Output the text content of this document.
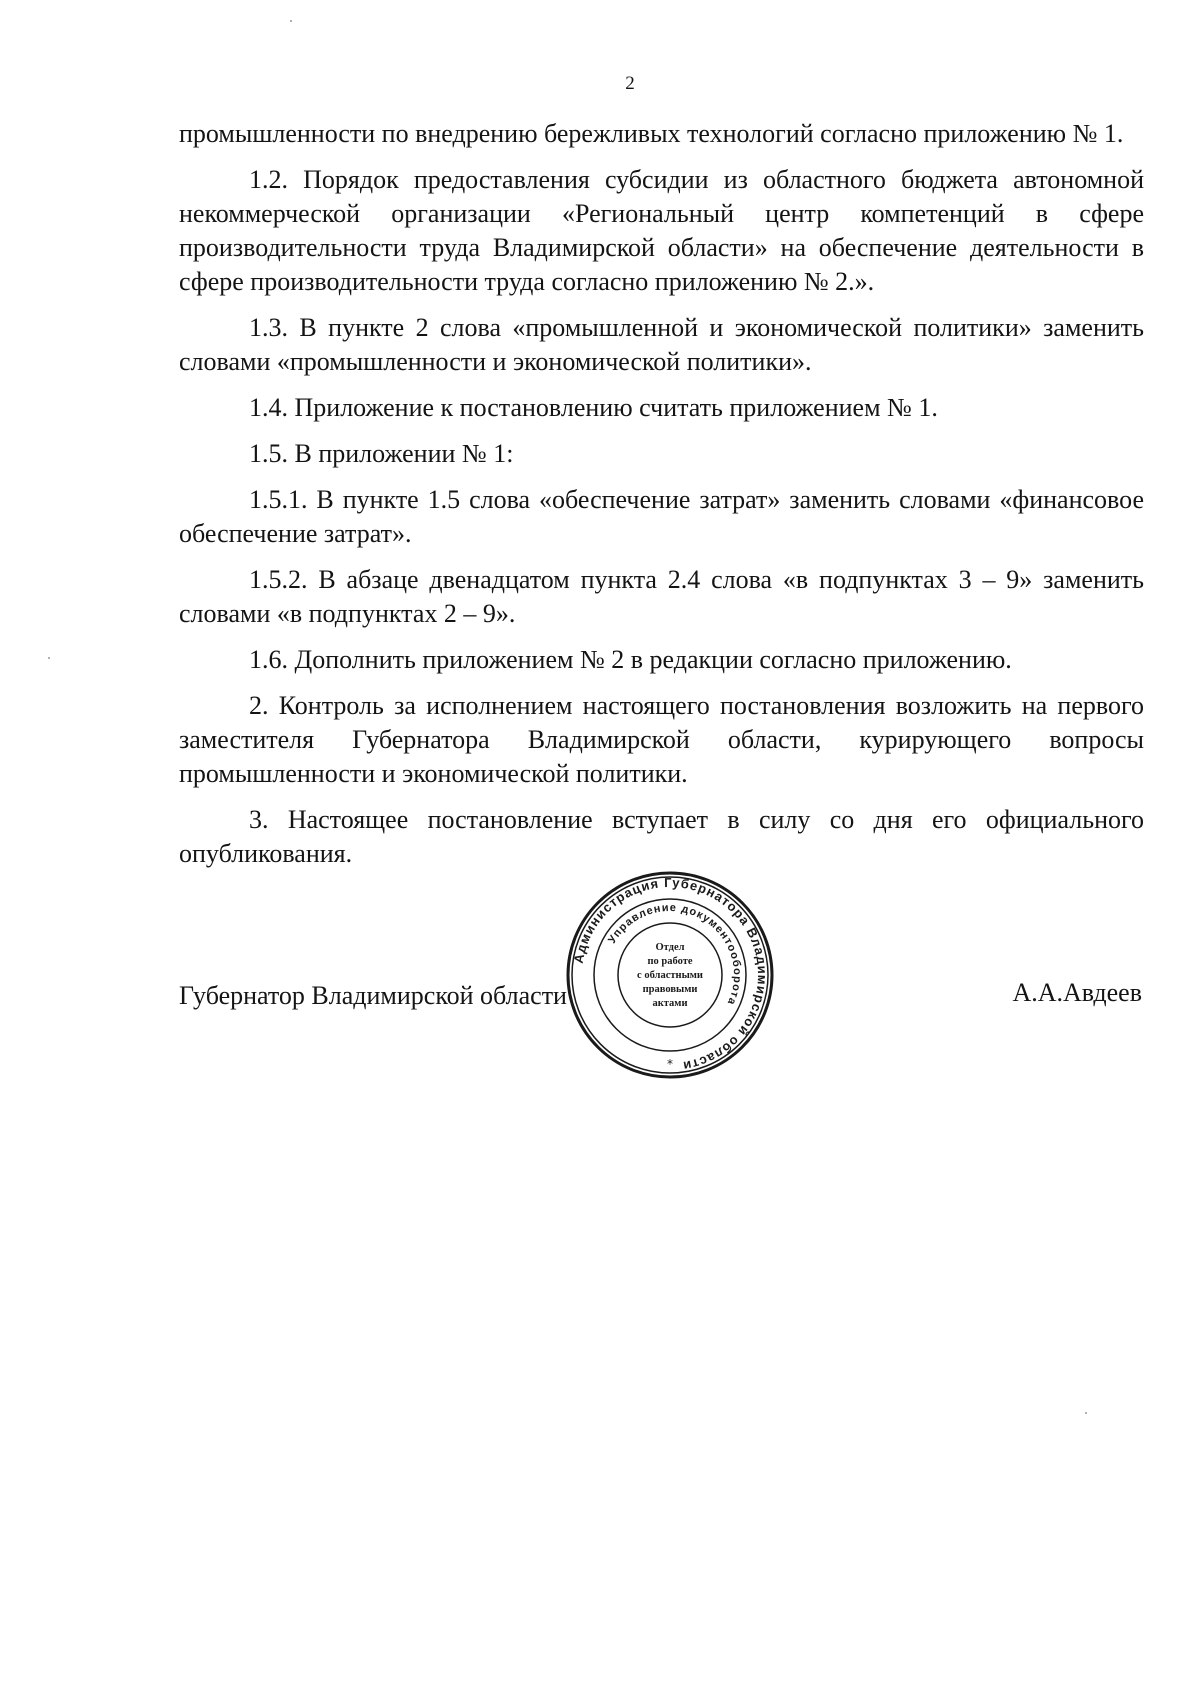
2

промышленности по внедрению бережливых технологий согласно приложению № 1.

1.2. Порядок предоставления субсидии из областного бюджета автономной некоммерческой организации «Региональный центр компетенций в сфере производительности труда Владимирской области» на обеспечение деятельности в сфере производительности труда согласно приложению № 2.».

1.3. В пункте 2 слова «промышленной и экономической политики» заменить словами «промышленности и экономической политики».

1.4. Приложение к постановлению считать приложением № 1.

1.5. В приложении № 1:

1.5.1. В пункте 1.5 слова «обеспечение затрат» заменить словами «финансовое обеспечение затрат».

1.5.2. В абзаце двенадцатом пункта 2.4 слова «в подпунктах 3 – 9» заменить словами «в подпунктах 2 – 9».

1.6. Дополнить приложением № 2 в редакции согласно приложению.

2. Контроль за исполнением настоящего постановления возложить на первого заместителя Губернатора Владимирской области, курирующего вопросы промышленности и экономической политики.

3. Настоящее постановление вступает в силу со дня его официального опубликования.

Губернатор Владимирской области	А.А.Авдеев
Администрация Губернатора Владимирской области
Управление документооборота
Отдел
по работе
с областными
правовыми
актами
*
